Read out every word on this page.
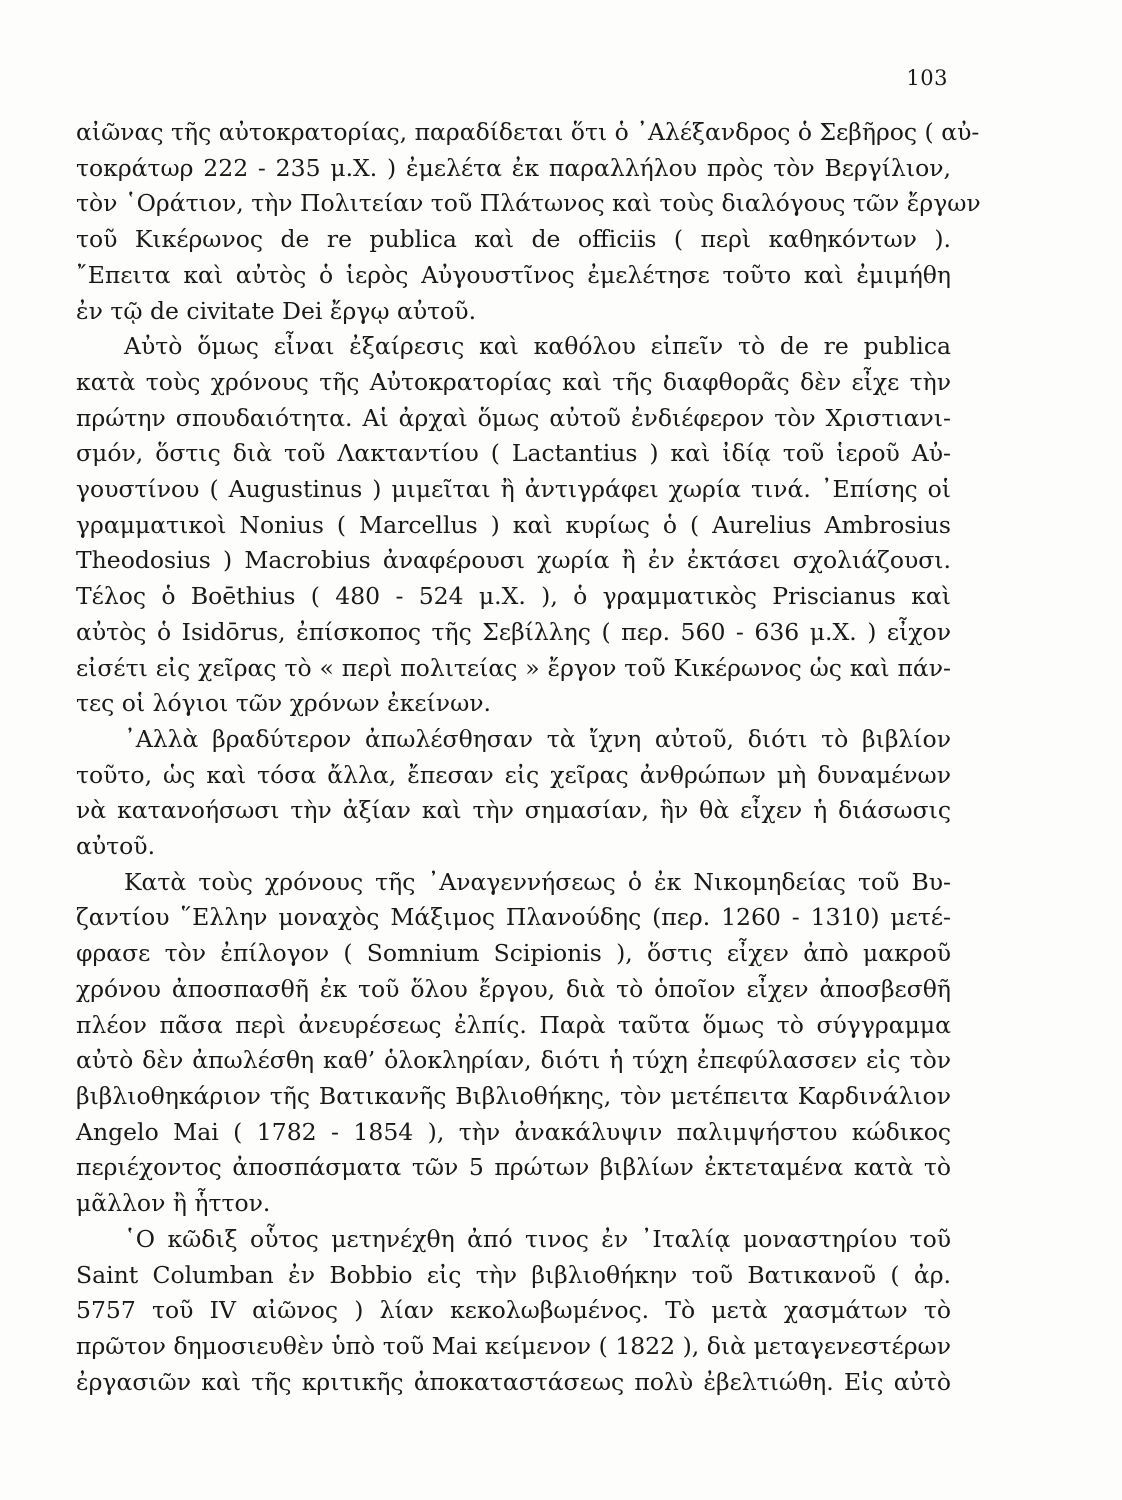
103

αἰῶνας τῆς αὐτοκρατορίας, παραδίδεται ὅτι ὁ ᾿Αλέξανδρος ὁ Σεβῆρος ( αὐ-
τοκράτωρ 222 - 235 μ.Χ. ) ἐμελέτα ἐκ παραλλήλου πρὸς τὸν Βεργίλιον,
τὸν ῾Οράτιον, τὴν Πολιτείαν τοῦ Πλάτωνος καὶ τοὺς διαλόγους τῶν ἔργων
τοῦ Κικέρωνος de re publica καὶ de officiis ( περὶ καθηκόντων ).
῎Επειτα καὶ αὐτὸς ὁ ἱερὸς Αὐγουστῖνος ἐμελέτησε τοῦτο καὶ ἐμιμήθη
ἐν τῷ de civitate Dei ἔργῳ αὐτοῦ.

Αὐτὸ ὅμως εἶναι ἐξαίρεσις καὶ καθόλου εἰπεῖν τὸ de re publica
κατὰ τοὺς χρόνους τῆς Αὐτοκρατορίας καὶ τῆς διαφθορᾶς δὲν εἶχε τὴν
πρώτην σπουδαιότητα. Αἱ ἀρχαὶ ὅμως αὐτοῦ ἐνδιέφερον τὸν Χριστιανι-
σμόν, ὅστις διὰ τοῦ Λακταντίου ( Lactantius ) καὶ ἰδίᾳ τοῦ ἱεροῦ Αὐ-
γουστίνου ( Augustinus ) μιμεῖται ἢ ἀντιγράφει χωρία τινά. ᾿Επίσης οἱ
γραμματικοὶ Nonius ( Marcellus ) καὶ κυρίως ὁ ( Aurelius Ambrosius
Theodosius ) Macrobius ἀναφέρουσι χωρία ἢ ἐν ἐκτάσει σχολιάζουσι.
Τέλος ὁ Boēthius ( 480 - 524 μ.Χ. ), ὁ γραμματικὸς Priscianus καὶ
αὐτὸς ὁ Isidōrus, ἐπίσκοπος τῆς Σεβίλλης ( περ. 560 - 636 μ.Χ. ) εἶχον
εἰσέτι εἰς χεῖρας τὸ « περὶ πολιτείας » ἔργον τοῦ Κικέρωνος ὡς καὶ πάν-
τες οἱ λόγιοι τῶν χρόνων ἐκείνων.

᾿Αλλὰ βραδύτερον ἀπωλέσθησαν τὰ ἴχνη αὐτοῦ, διότι τὸ βιβλίον
τοῦτο, ὡς καὶ τόσα ἄλλα, ἔπεσαν εἰς χεῖρας ἀνθρώπων μὴ δυναμένων
νὰ κατανοήσωσι τὴν ἀξίαν καὶ τὴν σημασίαν, ἣν θὰ εἶχεν ἡ διάσωσις
αὐτοῦ.

Κατὰ τοὺς χρόνους τῆς ᾿Αναγεννήσεως ὁ ἐκ Νικομηδείας τοῦ Βυ-
ζαντίου ῞Ελλην μοναχὸς Μάξιμος Πλανούδης (περ. 1260 - 1310) μετέ-
φρασε τὸν ἐπίλογον ( Somnium Scipionis ), ὅστις εἶχεν ἀπὸ μακροῦ
χρόνου ἀποσπασθῆ ἐκ τοῦ ὅλου ἔργου, διὰ τὸ ὁποῖον εἶχεν ἀποσβεσθῆ
πλέον πᾶσα περὶ ἀνευρέσεως ἐλπίς. Παρὰ ταῦτα ὅμως τὸ σύγγραμμα
αὐτὸ δὲν ἀπωλέσθη καθ’ ὁλοκληρίαν, διότι ἡ τύχη ἐπεφύλασσεν εἰς τὸν
βιβλιοθηκάριον τῆς Βατικανῆς Βιβλιοθήκης, τὸν μετέπειτα Καρδινάλιον
Angelo Mai ( 1782 - 1854 ), τὴν ἀνακάλυψιν παλιμψήστου κώδικος
περιέχοντος ἀποσπάσματα τῶν 5 πρώτων βιβλίων ἐκτεταμένα κατὰ τὸ
μᾶλλον ἢ ἧττον.

῾Ο κῶδιξ οὗτος μετηνέχθη ἀπό τινος ἐν ᾿Ιταλίᾳ μοναστηρίου τοῦ
Saint Columban ἐν Bobbio εἰς τὴν βιβλιοθήκην τοῦ Βατικανοῦ ( ἀρ.
5757 τοῦ IV αἰῶνος ) λίαν κεκολωβωμένος. Τὸ μετὰ χασμάτων τὸ
πρῶτον δημοσιευθὲν ὑπὸ τοῦ Mai κείμενον ( 1822 ), διὰ μεταγενεστέρων
ἐργασιῶν καὶ τῆς κριτικῆς ἀποκαταστάσεως πολὺ ἐβελτιώθη. Εἰς αὐτὸ
